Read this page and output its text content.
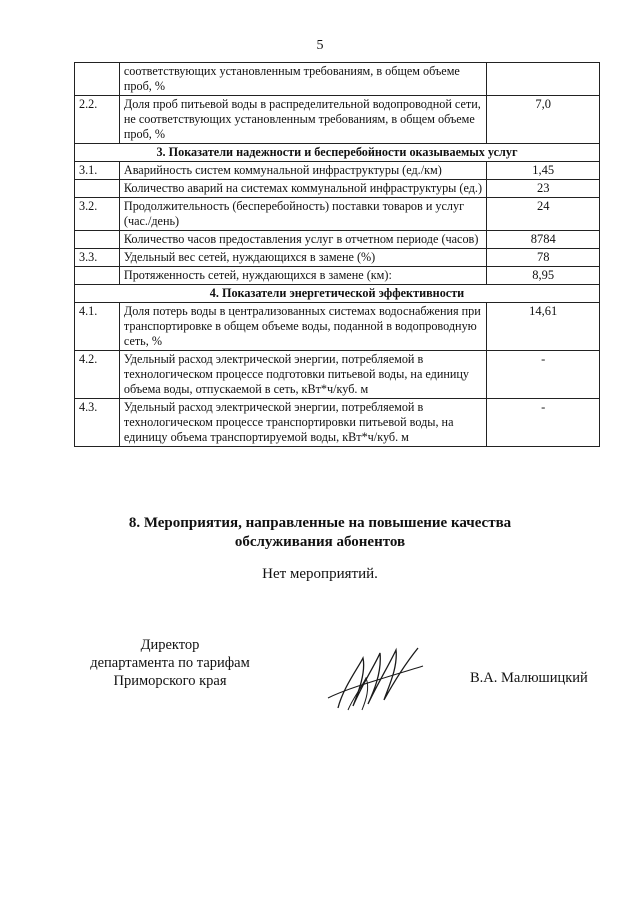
5
	соответствующих установленным требованиям, в общем объеме проб, %	
2.2.	Доля проб питьевой воды в распределительной водопроводной сети, не соответствующих установленным требованиям, в общем объеме проб, %	7,0
3. Показатели надежности и бесперебойности оказываемых услуг		
3.1.	Аварийность систем коммунальной инфраструктуры (ед./км)	1,45
	Количество аварий на системах коммунальной инфраструктуры (ед.)	23
3.2.	Продолжительность (бесперебойность) поставки товаров и услуг (час./день)	24
	Количество часов предоставления услуг в отчетном периоде (часов)	8784
3.3.	Удельный вес сетей, нуждающихся в замене (%)	78
	Протяженность сетей, нуждающихся в замене (км):	8,95
4. Показатели энергетической эффективности		
4.1.	Доля потерь воды в централизованных системах водоснабжения при транспортировке в общем объеме воды, поданной в водопроводную сеть, %	14,61
4.2.	Удельный расход электрической энергии, потребляемой в технологическом процессе подготовки питьевой воды, на единицу объема воды, отпускаемой в сеть, кВт*ч/куб. м	-
4.3.	Удельный расход электрической энергии, потребляемой в технологическом процессе транспортировки питьевой воды, на единицу объема транспортируемой воды, кВт*ч/куб. м	-
8. Мероприятия, направленные на повышение качества
обслуживания абонентов
Нет мероприятий.
Директор
департамента по тарифам
Приморского края	В.А. Малюшицкий
